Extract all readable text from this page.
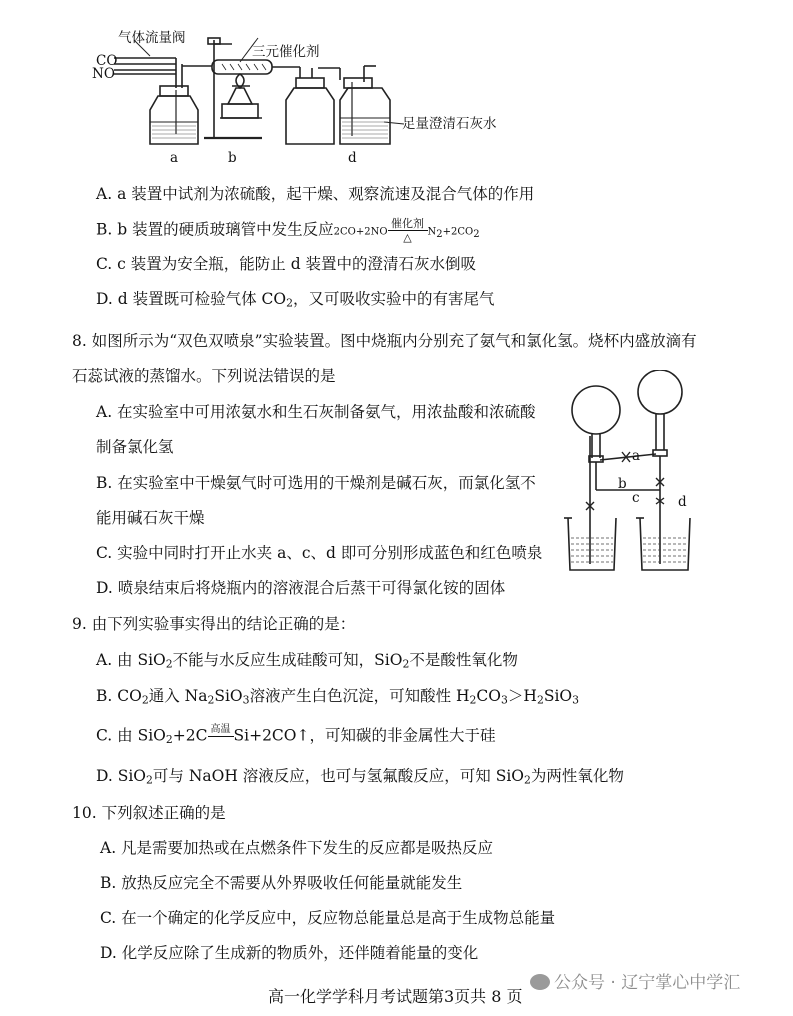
气体流量阀
CO
NO
三元催化剂
足量澄清石灰水
a	b	d
A. a 装置中试剂为浓硫酸，起干燥、观察流速及混合气体的作用
B. b 装置的硬质玻璃管中发生反应2CO+2NO
催化剂
△	$N_2+2CO_2$
C. c 装置为安全瓶，能防止 d 装置中的澄清石灰水倒吸
D. d 装置既可检验气体 $CO_2$，又可吸收实验中的有害尾气
8. 如图所示为“双色双喷泉”实验装置。图中烧瓶内分别充了氨气和氯化氢。烧杯内盛放滴有
石蕊试液的蒸馏水。下列说法错误的是
A. 在实验室中可用浓氨水和生石灰制备氨气，用浓盐酸和浓硫酸
制备氯化氢
B. 在实验室中干燥氨气时可选用的干燥剂是碱石灰，而氯化氢不
能用碱石灰干燥
C. 实验中同时打开止水夹 a、c、d 即可分别形成蓝色和红色喷泉
D. 喷泉结束后将烧瓶内的溶液混合后蒸干可得氯化铵的固体
a
b
c	d
9. 由下列实验事实得出的结论正确的是：
A. 由 SiO$_2$不能与水反应生成硅酸可知，SiO$_2$不是酸性氧化物
B. $CO_2$通入 $Na_2SiO_3$溶液产生白色沉淀，可知酸性 $H_2CO_3>H_2SiO_3$
C. 由 SiO$_2$+2C 高温 Si+2CO↑，可知碳的非金属性大于硅
D. SiO$_2$可与 NaOH 溶液反应，也可与氢氟酸反应，可知 SiO$_2$为两性氧化物
10. 下列叙述正确的是
A. 凡是需要加热或在点燃条件下发生的反应都是吸热反应
B. 放热反应完全不需要从外界吸收任何能量就能发生
C. 在一个确定的化学反应中，反应物总能量总是高于生成物总能量
D. 化学反应除了生成新的物质外，还伴随着能量的变化
高一化学学科月考试题第3页共 8 页
公众号 · 辽宁掌心中学汇
